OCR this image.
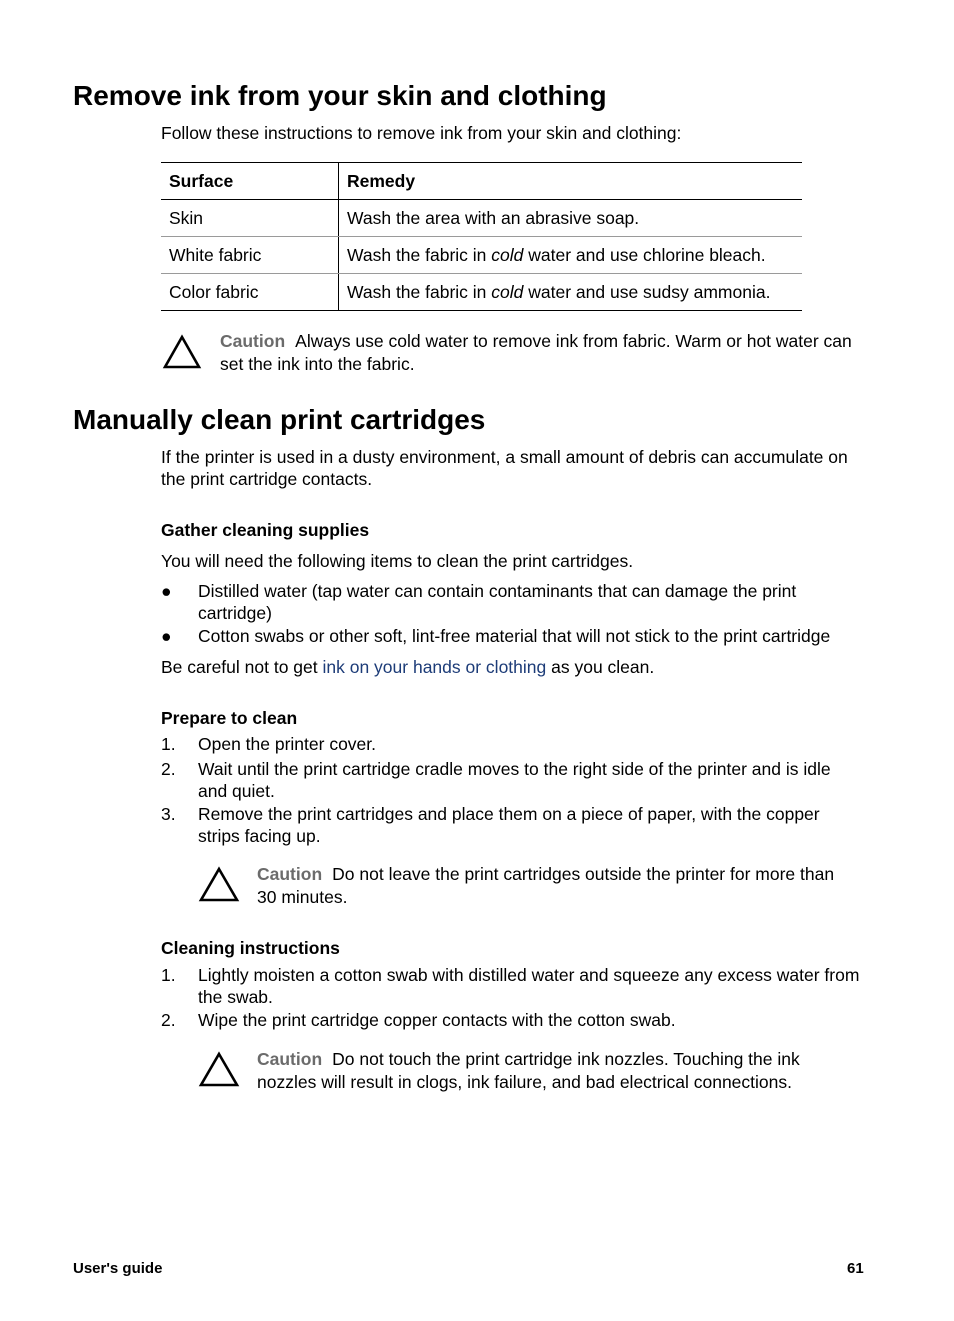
Remove ink from your skin and clothing
Follow these instructions to remove ink from your skin and clothing:
Surface	Remedy
Skin	Wash the area with an abrasive soap.
White fabric	Wash the fabric in cold water and use chlorine bleach.
Color fabric	Wash the fabric in cold water and use sudsy ammonia.
Caution Always use cold water to remove ink from fabric. Warm or hot water can set the ink into the fabric.
Manually clean print cartridges
If the printer is used in a dusty environment, a small amount of debris can accumulate on the print cartridge contacts.
Gather cleaning supplies
You will need the following items to clean the print cartridges.
● Distilled water (tap water can contain contaminants that can damage the print cartridge)
● Cotton swabs or other soft, lint-free material that will not stick to the print cartridge
Be careful not to get ink on your hands or clothing as you clean.
Prepare to clean
1. Open the printer cover.
2. Wait until the print cartridge cradle moves to the right side of the printer and is idle and quiet.
3. Remove the print cartridges and place them on a piece of paper, with the copper strips facing up.
Caution Do not leave the print cartridges outside the printer for more than 30 minutes.
Cleaning instructions
1. Lightly moisten a cotton swab with distilled water and squeeze any excess water from the swab.
2. Wipe the print cartridge copper contacts with the cotton swab.
Caution Do not touch the print cartridge ink nozzles. Touching the ink nozzles will result in clogs, ink failure, and bad electrical connections.
User's guide	61
